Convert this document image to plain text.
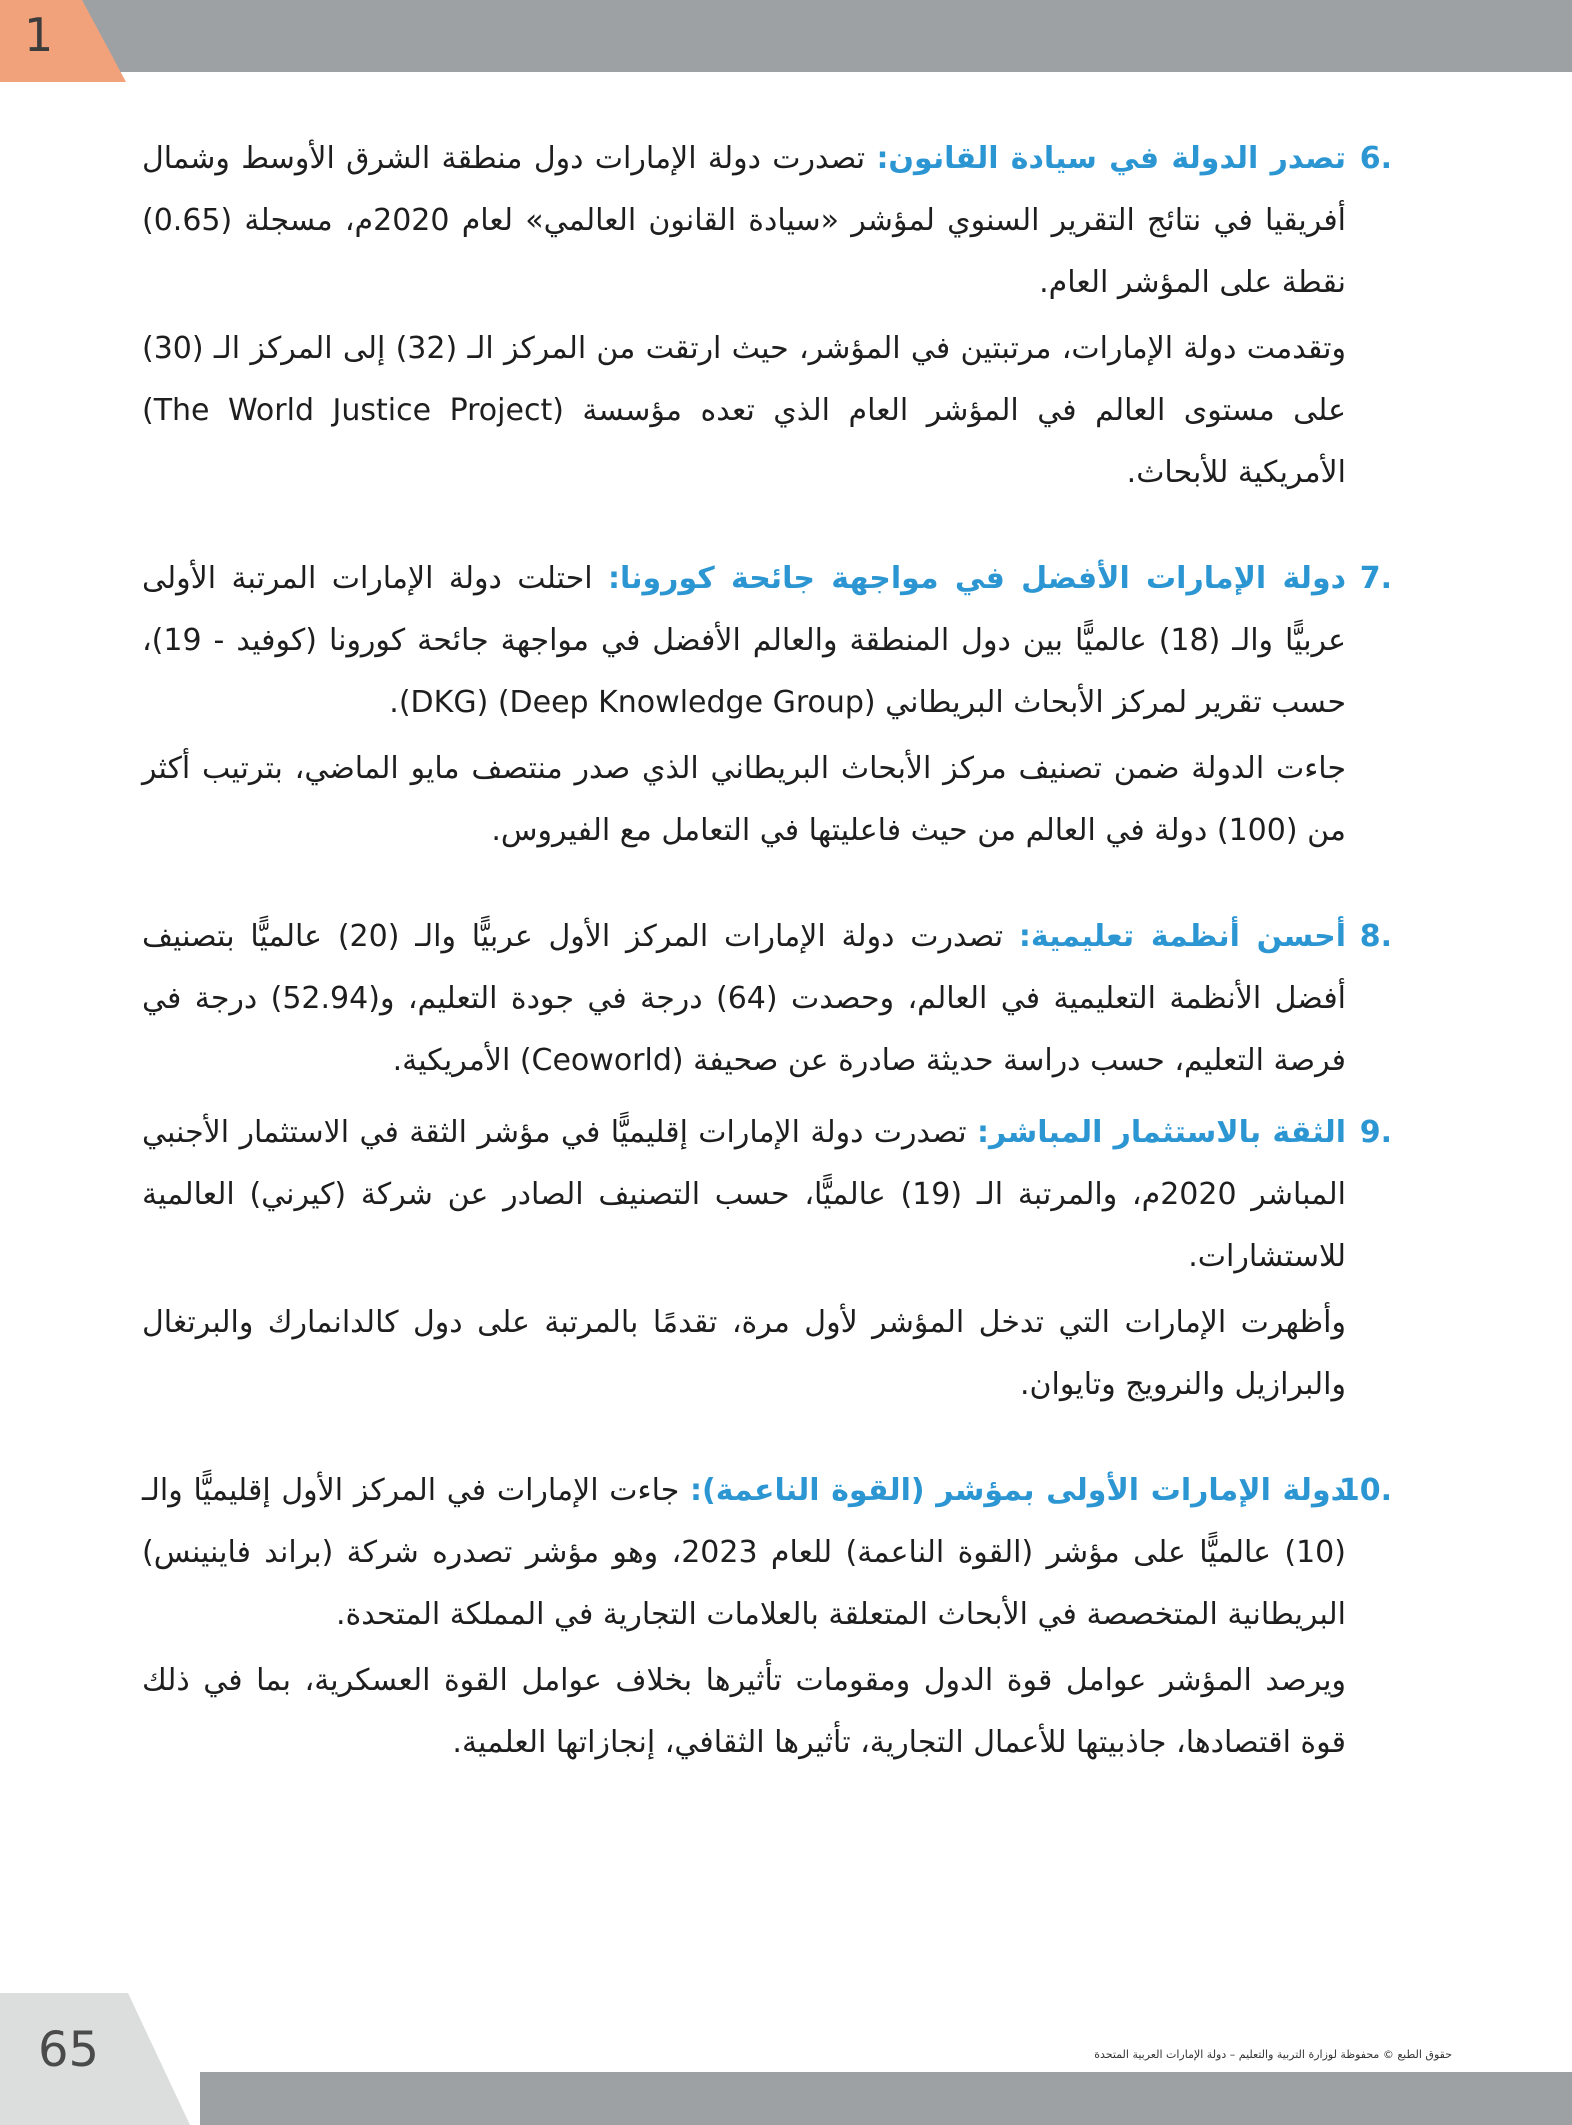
1
6.

تصدر الدولة في سيادة القانون: تصدرت دولة الإمارات دول منطقة الشرق الأوسط وشمال أفريقيا في نتائج التقرير السنوي لمؤشر «سيادة القانون العالمي» لعام 2020م، مسجلة (0.65) نقطة على المؤشر العام.

وتقدمت دولة الإمارات، مرتبتين في المؤشر، حيث ارتقت من المركز الـ (32) إلى المركز الـ (30) على مستوى العالم في المؤشر العام الذي تعده مؤسسة (The World Justice Project) الأمريكية للأبحاث.

7.

دولة الإمارات الأفضل في مواجهة جائحة كورونا: احتلت دولة الإمارات المرتبة الأولى عربيًّا والـ (18) عالميًّا بين دول المنطقة والعالم الأفضل في مواجهة جائحة كورونا (كوفيد - 19)، حسب تقرير لمركز الأبحاث البريطاني (Deep Knowledge Group) (DKG).

جاءت الدولة ضمن تصنيف مركز الأبحاث البريطاني الذي صدر منتصف مايو الماضي، بترتيب أكثر من (100) دولة في العالم من حيث فاعليتها في التعامل مع الفيروس.

8.

أحسن أنظمة تعليمية: تصدرت دولة الإمارات المركز الأول عربيًّا والـ (20) عالميًّا بتصنيف أفضل الأنظمة التعليمية في العالم، وحصدت (64) درجة في جودة التعليم، و(52.94) درجة في فرصة التعليم، حسب دراسة حديثة صادرة عن صحيفة (Ceoworld) الأمريكية.

9.

الثقة بالاستثمار المباشر: تصدرت دولة الإمارات إقليميًّا في مؤشر الثقة في الاستثمار الأجنبي المباشر 2020م، والمرتبة الـ (19) عالميًّا، حسب التصنيف الصادر عن شركة (كيرني) العالمية للاستشارات.

وأظهرت الإمارات التي تدخل المؤشر لأول مرة، تقدمًا بالمرتبة على دول كالدانمارك والبرتغال والبرازيل والنرويج وتايوان.

10.

دولة الإمارات الأولى بمؤشر (القوة الناعمة): جاءت الإمارات في المركز الأول إقليميًّا والـ (10) عالميًّا على مؤشر (القوة الناعمة) للعام 2023، وهو مؤشر تصدره شركة (براند فاينينس) البريطانية المتخصصة في الأبحاث المتعلقة بالعلامات التجارية في المملكة المتحدة.

ويرصد المؤشر عوامل قوة الدول ومقومات تأثيرها بخلاف عوامل القوة العسكرية، بما في ذلك قوة اقتصادها، جاذبيتها للأعمال التجارية، تأثيرها الثقافي، إنجازاتها العلمية.

65	حقوق الطبع © محفوظة لوزارة التربية والتعليم – دولة الإمارات العربية المتحدة
